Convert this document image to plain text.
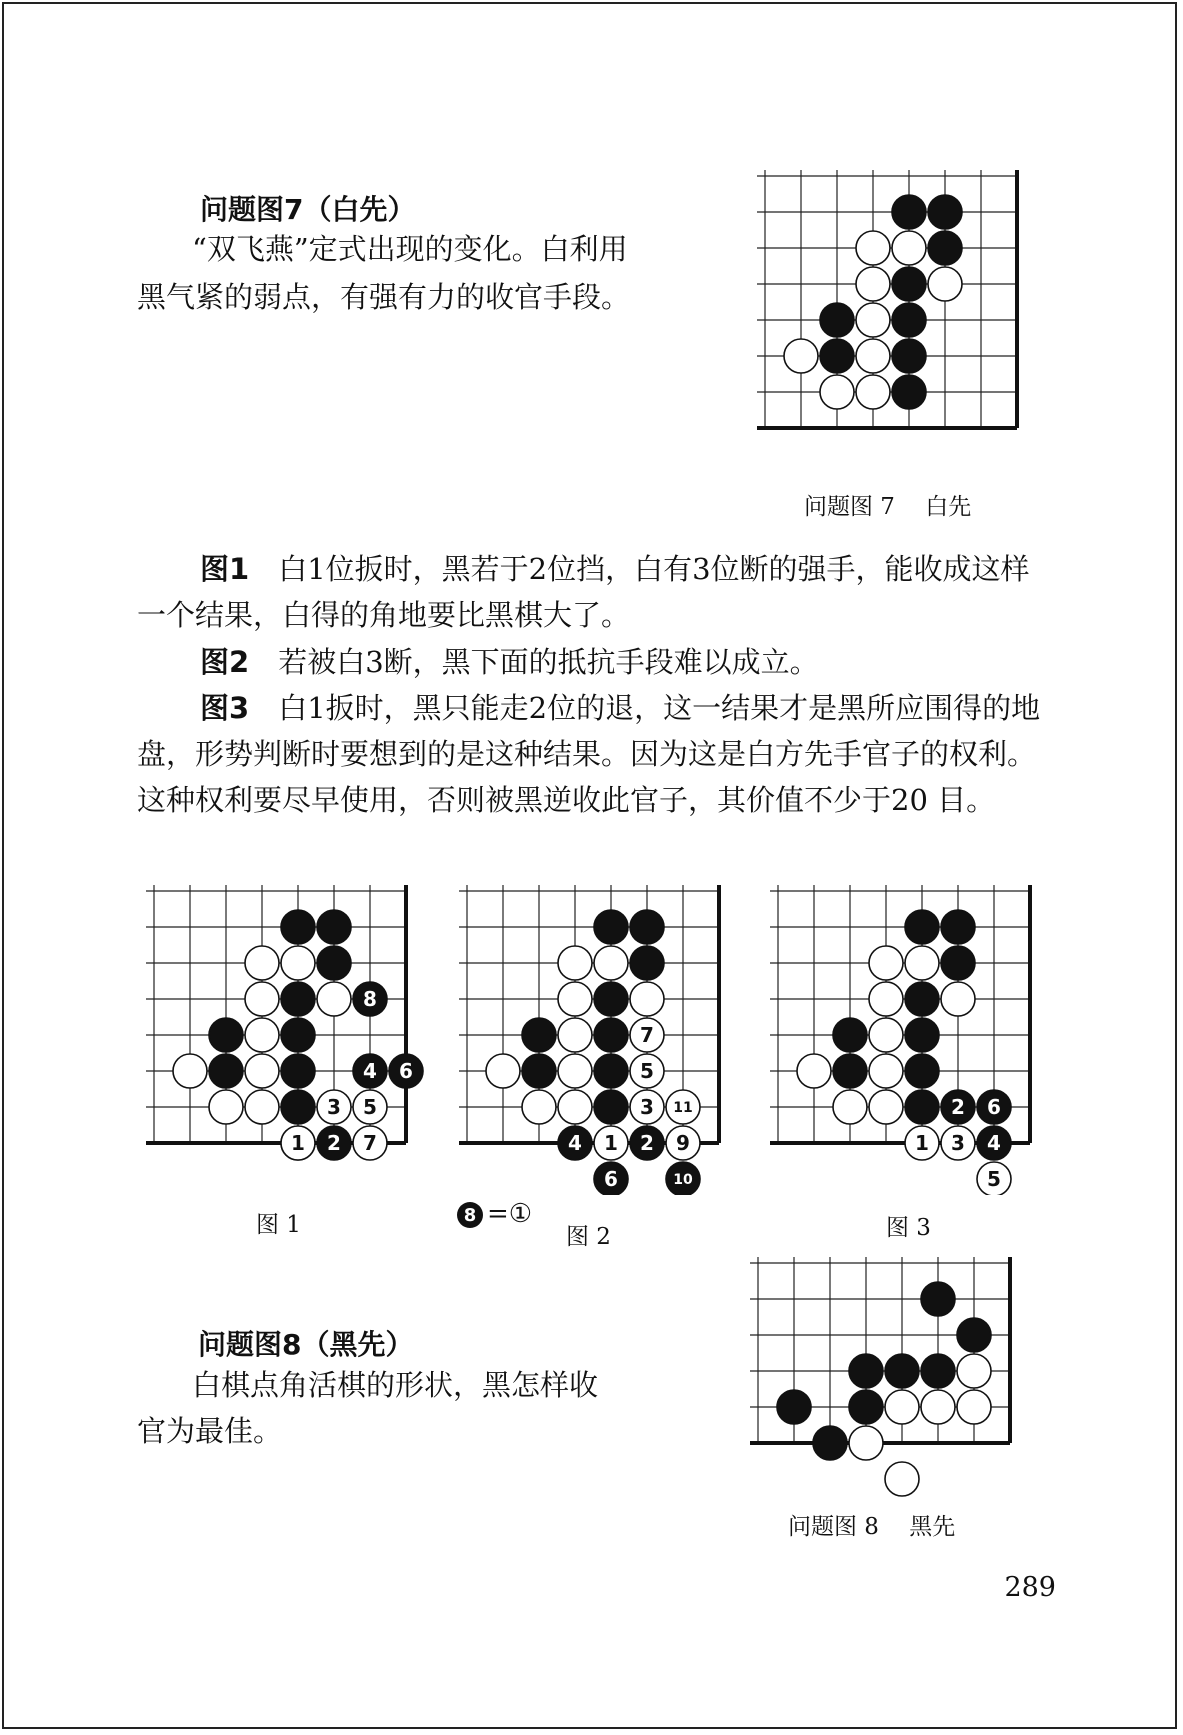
问题图7（白先）
“双飞燕”定式出现的变化。白利用
黑气紧的弱点，有强有力的收官手段。
问题图 7　 白先
图1　白1位扳时，黑若于2位挡，白有3位断的强手，能收成这样一个结果，白得的角地要比黑棋大了。
图2　若被白3断，黑下面的抵抗手段难以成立。
图3　白1扳时，黑只能走2位的退，这一结果才是黑所应围得的地盘，形势判断时要想到的是这种结果。因为这是白方先手官子的权利。这种权利要尽早使用，否则被黑逆收此官子，其价值不少于20 目。
2
4 6
8
1
3 5
7
图 1
2
4
6	10
1
3
5
7
9
11
图 2
8 =①
2
4
6
1 3
5
图 3
问题图8（黑先）
白棋点角活棋的形状，黑怎样收
官为最佳。
问题图 8　 黑先
289
